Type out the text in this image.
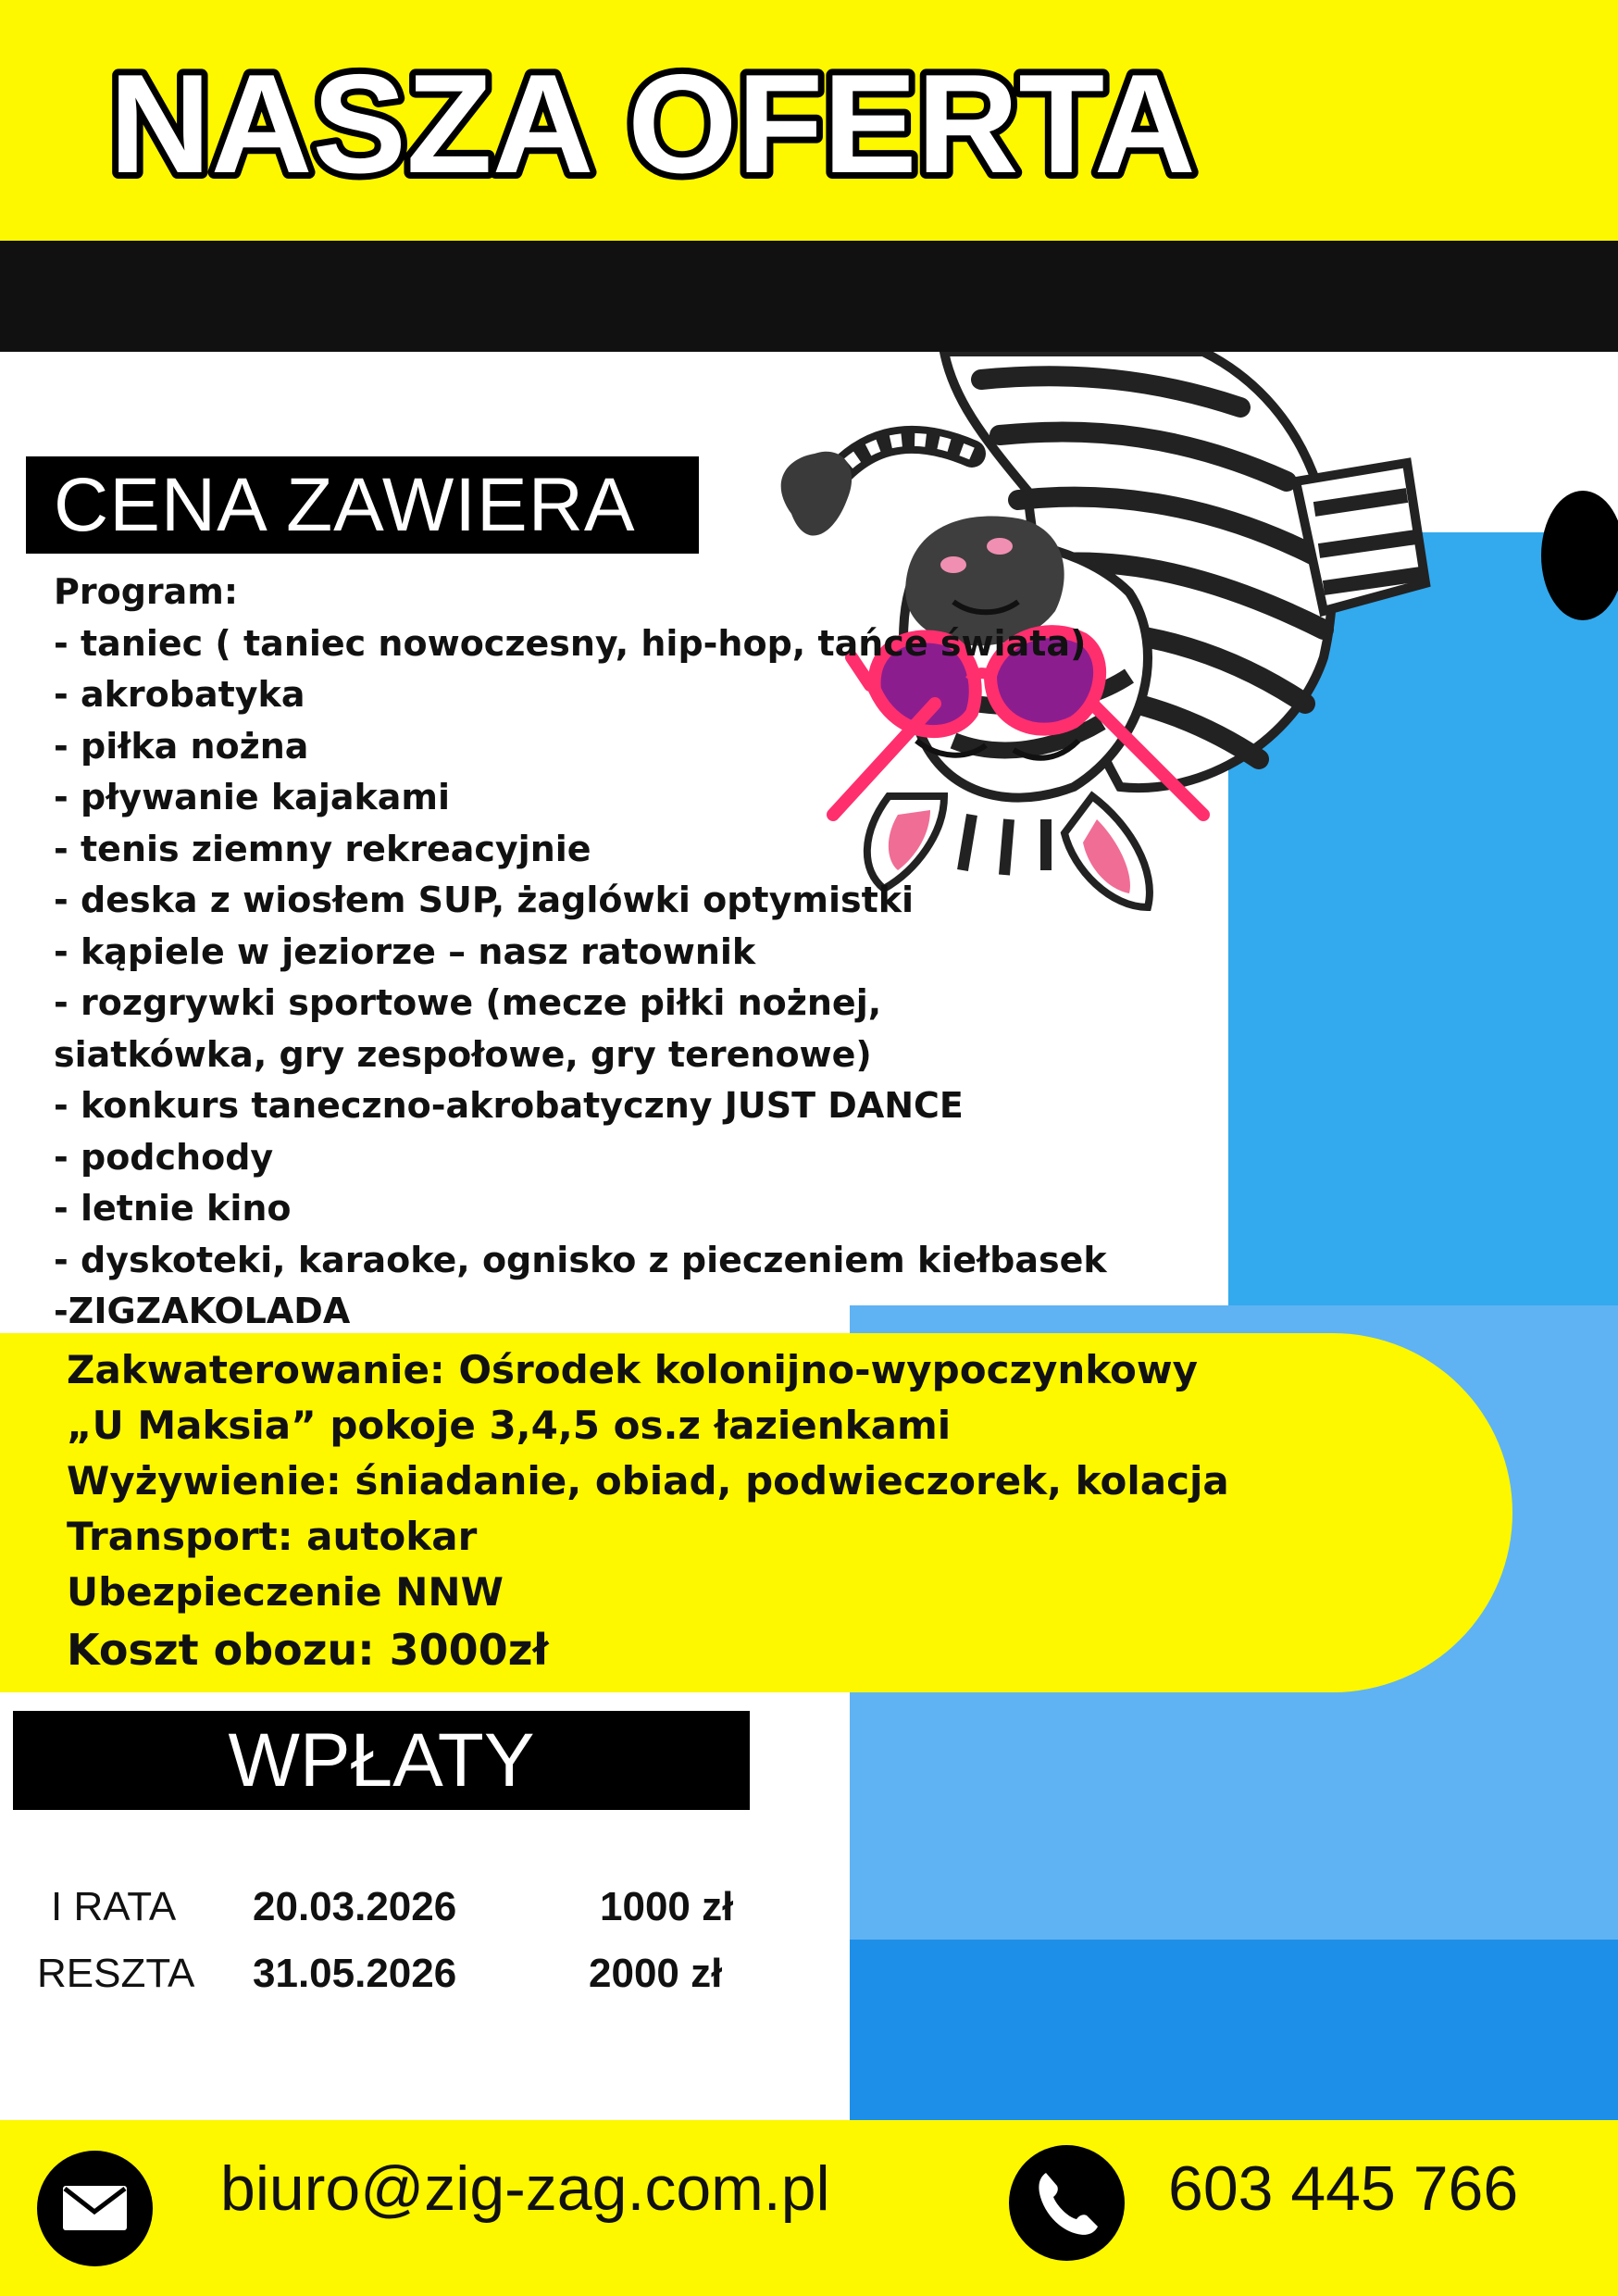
NASZA OFERTA
CENA ZAWIERA
Program:
- taniec ( taniec nowoczesny, hip-hop, tańce świata)
- akrobatyka
- piłka nożna
- pływanie kajakami
- tenis ziemny rekreacyjnie
- deska z wiosłem SUP, żaglówki optymistki
- kąpiele w jeziorze – nasz ratownik
- rozgrywki sportowe (mecze piłki nożnej,
siatkówka, gry zespołowe, gry terenowe)
- konkurs taneczno-akrobatyczny JUST DANCE
- podchody
- letnie kino
- dyskoteki, karaoke, ognisko z pieczeniem kiełbasek
-ZIGZAKOLADA
Zakwaterowanie: Ośrodek kolonijno-wypoczynkowy
„U Maksia” pokoje 3,4,5 os.z łazienkami
Wyżywienie: śniadanie, obiad, podwieczorek, kolacja
Transport: autokar
Ubezpieczenie NNW
Koszt obozu: 3000zł
WPŁATY
I RATA 20.03.2026	1000 zł
RESZTA 31.05.2026	2000 zł
biuro@zig-zag.com.pl	603 445 766
